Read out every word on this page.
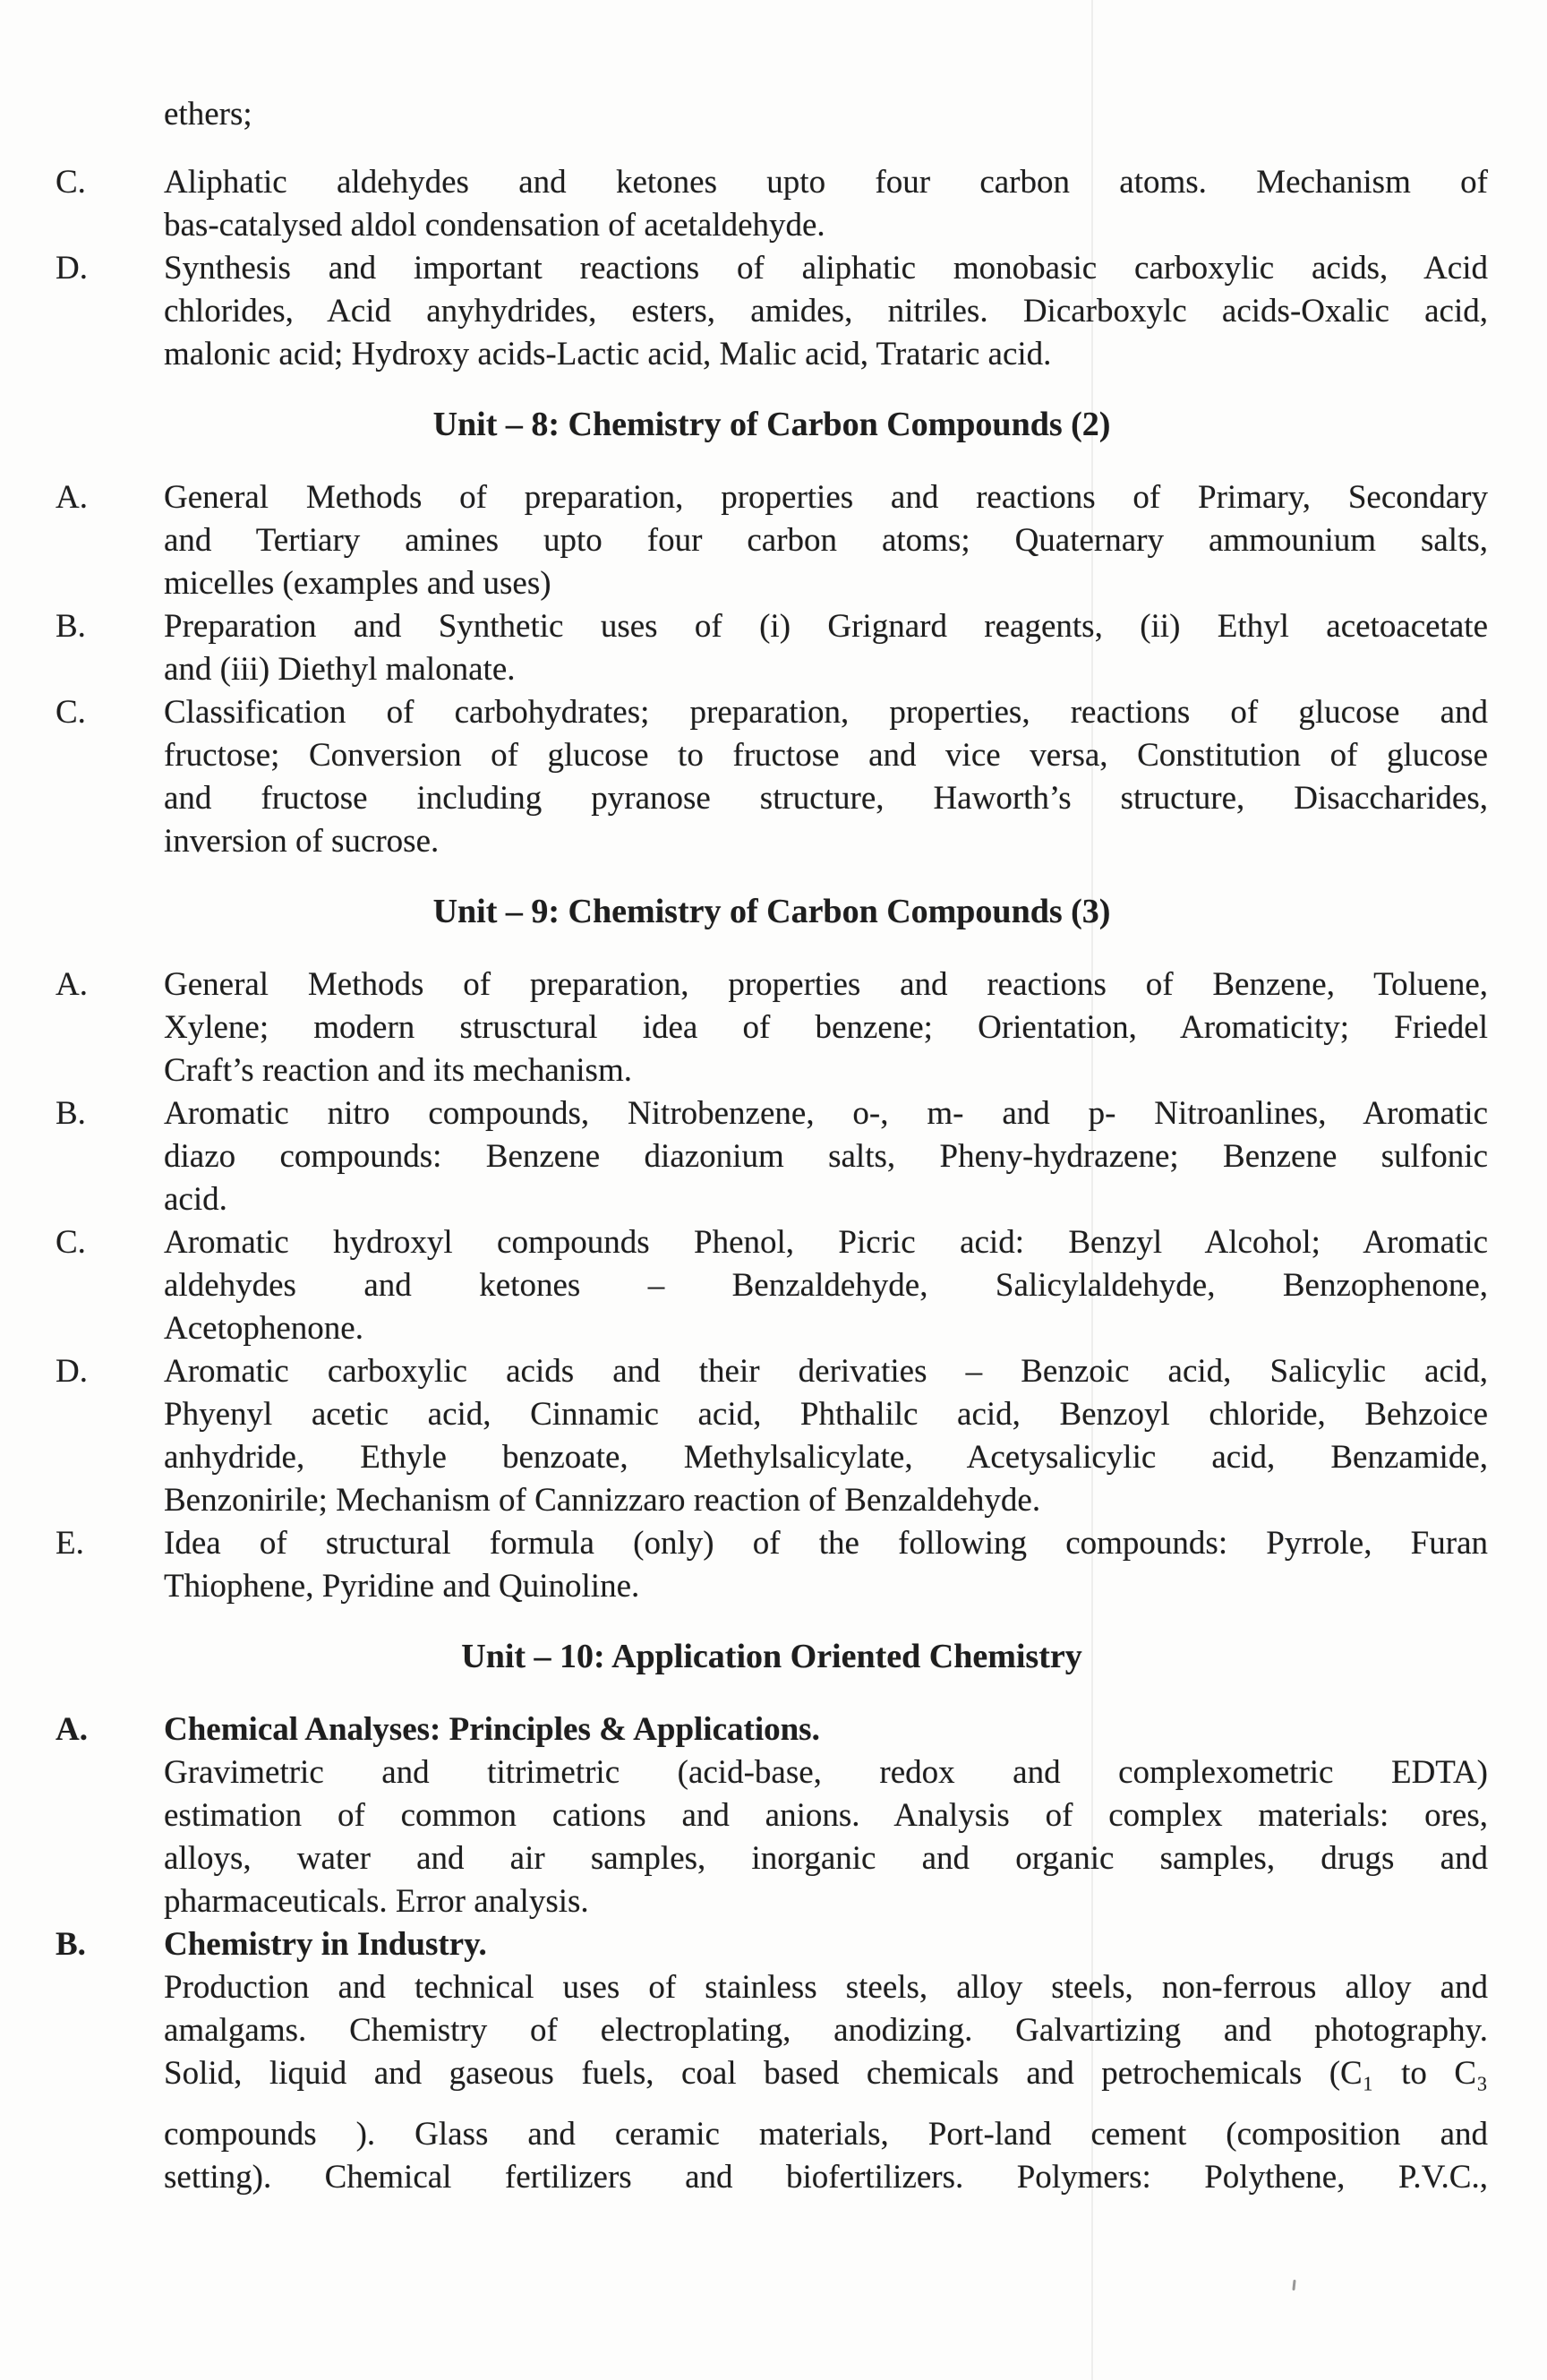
ethers;
C.	Aliphatic aldehydes and ketones upto four carbon atoms. Mechanism of
bas-catalysed aldol condensation of acetaldehyde.
D.	Synthesis and important reactions of aliphatic monobasic carboxylic acids, Acid
chlorides, Acid anyhydrides, esters, amides, nitriles. Dicarboxylc acids-Oxalic acid,
malonic acid; Hydroxy acids-Lactic acid, Malic acid, Trataric acid.
Unit – 8: Chemistry of Carbon Compounds (2)
A.	General Methods of preparation, properties and reactions of Primary, Secondary
and Tertiary amines upto four carbon atoms; Quaternary ammounium salts,
micelles (examples and uses)
B.	Preparation and Synthetic uses of (i) Grignard reagents, (ii) Ethyl acetoacetate
and (iii) Diethyl malonate.
C.	Classification of carbohydrates; preparation, properties, reactions of glucose and
fructose; Conversion of glucose to fructose and vice versa, Constitution of glucose
and fructose including pyranose structure, Haworth’s structure, Disaccharides,
inversion of sucrose.
Unit – 9: Chemistry of Carbon Compounds (3)
A.	General Methods of preparation, properties and reactions of Benzene, Toluene,
Xylene; modern strusctural idea of benzene; Orientation, Aromaticity; Friedel
Craft’s reaction and its mechanism.
B.	Aromatic nitro compounds, Nitrobenzene, o-, m- and p- Nitroanlines, Aromatic
diazo compounds: Benzene diazonium salts, Pheny-hydrazene; Benzene sulfonic
acid.
C.	Aromatic hydroxyl compounds Phenol, Picric acid: Benzyl Alcohol; Aromatic
aldehydes and ketones – Benzaldehyde, Salicylaldehyde, Benzophenone,
Acetophenone.
D.	Aromatic carboxylic acids and their derivaties – Benzoic acid, Salicylic acid,
Phyenyl acetic acid, Cinnamic acid, Phthalilc acid, Benzoyl chloride, Behzoice
anhydride, Ethyle benzoate, Methylsalicylate, Acetysalicylic acid, Benzamide,
Benzonirile; Mechanism of Cannizzaro reaction of Benzaldehyde.
E.	Idea of structural formula (only) of the following compounds: Pyrrole, Furan
Thiophene, Pyridine and Quinoline.
Unit – 10: Application Oriented Chemistry
A.	Chemical Analyses: Principles & Applications.
Gravimetric and titrimetric (acid-base, redox and complexometric EDTA)
estimation of common cations and anions. Analysis of complex materials: ores,
alloys, water and air samples, inorganic and organic samples, drugs and
pharmaceuticals. Error analysis.
B.	Chemistry in Industry.
Production and technical uses of stainless steels, alloy steels, non-ferrous alloy and
amalgams. Chemistry of electroplating, anodizing. Galvartizing and photography.
Solid, liquid and gaseous fuels, coal based chemicals and petrochemicals (C₁ to C₃
compounds ). Glass and ceramic materials, Port-land cement (composition and
setting). Chemical fertilizers and biofertilizers. Polymers: Polythene, P.V.C.,
